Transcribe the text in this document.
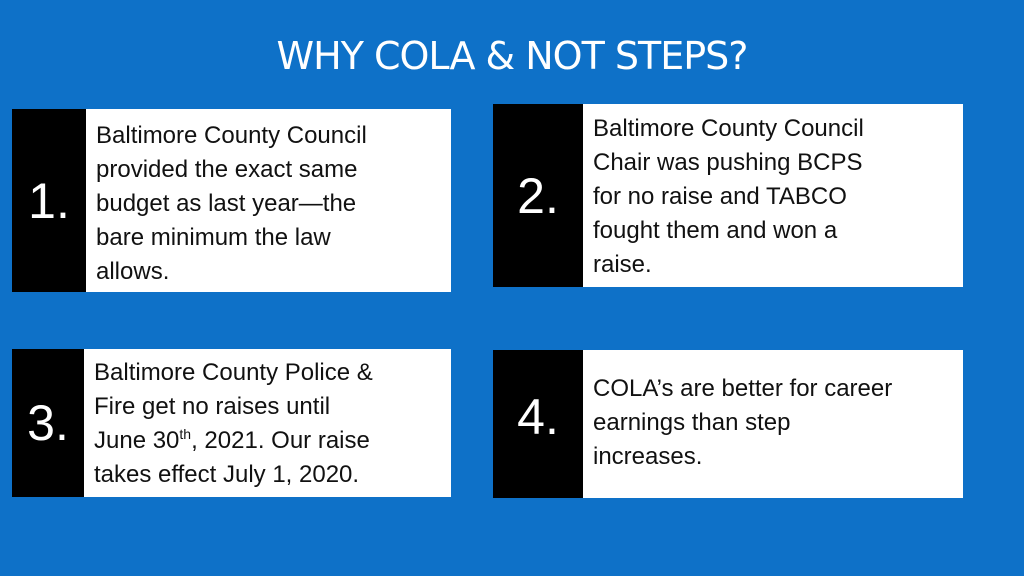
WHY COLA & NOT STEPS?
1.
Baltimore County Council
provided the exact same
budget as last year—the
bare minimum the law
allows.
2.
Baltimore County Council
Chair was pushing BCPS
for no raise and TABCO
fought them and won a
raise.
3.
Baltimore County Police &
Fire get no raises until
June 30th, 2021. Our raise
takes effect July 1, 2020.
4.
COLA’s are better for career
earnings than step
increases.
